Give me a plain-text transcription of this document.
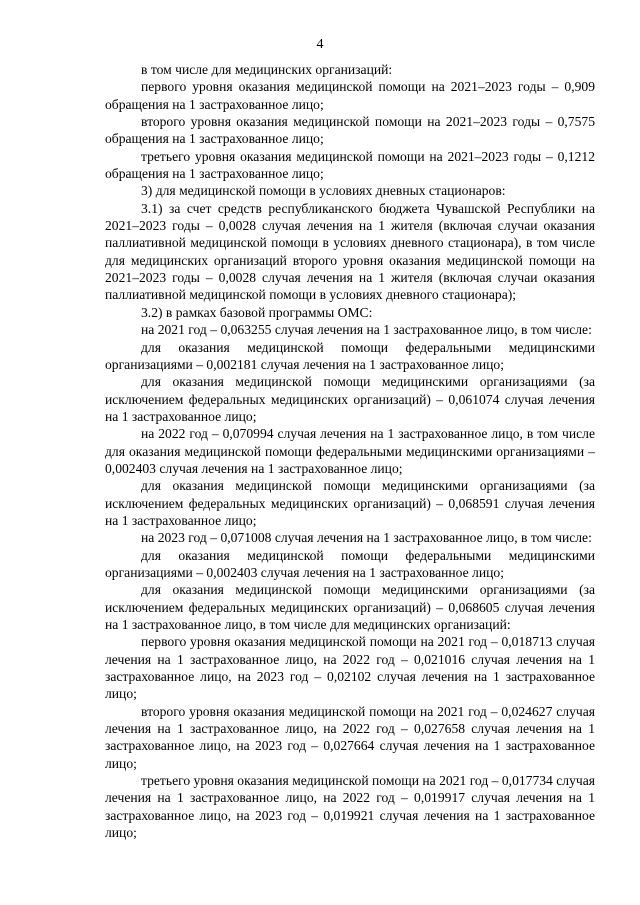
4

в том числе для медицинских организаций:

первого уровня оказания медицинской помощи на 2021–2023 годы – 0,909 обращения на 1 застрахованное лицо;

второго уровня оказания медицинской помощи на 2021–2023 годы – 0,7575 обращения на 1 застрахованное лицо;

третьего уровня оказания медицинской помощи на 2021–2023 годы – 0,1212 обращения на 1 застрахованное лицо;

3) для медицинской помощи в условиях дневных стационаров:

3.1) за счет средств республиканского бюджета Чувашской Республики на 2021–2023 годы – 0,0028 случая лечения на 1 жителя (включая случаи оказания паллиативной медицинской помощи в условиях дневного стационара), в том числе для медицинских организаций второго уровня оказания медицинской помощи на 2021–2023 годы – 0,0028 случая лечения на 1 жителя (включая случаи оказания паллиативной медицинской помощи в условиях дневного стационара);

3.2) в рамках базовой программы ОМС:

на 2021 год – 0,063255 случая лечения на 1 застрахованное лицо, в том числе:

для оказания медицинской помощи федеральными медицинскими организациями – 0,002181 случая лечения на 1 застрахованное лицо;

для оказания медицинской помощи медицинскими организациями (за исключением федеральных медицинских организаций) – 0,061074 случая лечения на 1 застрахованное лицо;

на 2022 год – 0,070994 случая лечения на 1 застрахованное лицо, в том числе для оказания медицинской помощи федеральными медицинскими организациями – 0,002403 случая лечения на 1 застрахованное лицо;

для оказания медицинской помощи медицинскими организациями (за исключением федеральных медицинских организаций) – 0,068591 случая лечения на 1 застрахованное лицо;

на 2023 год – 0,071008 случая лечения на 1 застрахованное лицо, в том числе:

для оказания медицинской помощи федеральными медицинскими организациями – 0,002403 случая лечения на 1 застрахованное лицо;

для оказания медицинской помощи медицинскими организациями (за исключением федеральных медицинских организаций) – 0,068605 случая лечения на 1 застрахованное лицо, в том числе для медицинских организаций:

первого уровня оказания медицинской помощи на 2021 год – 0,018713 случая лечения на 1 застрахованное лицо, на 2022 год – 0,021016 случая лечения на 1 застрахованное лицо, на 2023 год – 0,02102 случая лечения на 1 застрахованное лицо;

второго уровня оказания медицинской помощи на 2021 год – 0,024627 случая лечения на 1 застрахованное лицо, на 2022 год – 0,027658 случая лечения на 1 застрахованное лицо, на 2023 год – 0,027664 случая лечения на 1 застрахованное лицо;

третьего уровня оказания медицинской помощи на 2021 год – 0,017734 случая лечения на 1 застрахованное лицо, на 2022 год – 0,019917 случая лечения на 1 застрахованное лицо, на 2023 год – 0,019921 случая лечения на 1 застрахованное лицо;
